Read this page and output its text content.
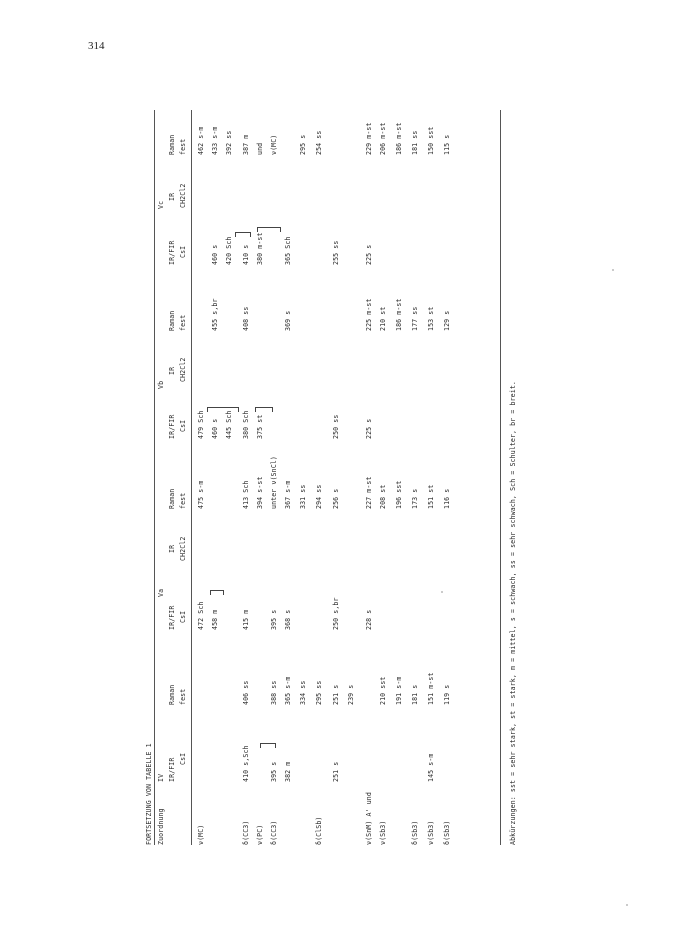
314
FORTSETZUNG VON TABELLE 1 Zuordnung
IV
Va
Vb
Vc
IR/FIR
Raman
IR/FIR
IR
Raman
IR/FIR
IR
Raman
IR/FIR
IR
Raman
CsI
fest
CsI
CH2Cl2
fest
CsI
CH2Cl2
fest
CsI
CH2Cl2
fest
ν(MC)
472 Sch
475 s-m
479 Sch
462 s-m
458 m
460 s
455 s,br
460 s
433 s-m
445 Sch
420 Sch
392 ss
δ(CC3)
410 s,Sch
406 ss
415 m
413 Sch
380 Sch
408 ss
410 s
387 m
ν(PC)
394 s-st
375 st
380 m-st
und
δ(CC3)
395 s
388 ss
395 s
unter ν(SnCl)
ν(MC)
382 m
365 s-m
368 s
367 s-m
369 s
365 Sch
334 ss
331 ss
295 s
δ(ClSb)
295 ss
294 ss
254 ss
251 s
251 s
250 s,br
256 s
250 ss
255 ss
239 s
ν(SnM) A' und
228 s
227 m-st
225 s
225 m-st
225 s
229 m-st
ν(Sb3)
210 sst
208 st
210 st
206 m-st
191 s-m
196 sst
186 m-st
186 m-st
δ(Sb3)
181 s
173 s
177 ss
181 ss
ν(Sb3)
145 s-m
151 m-st
151 st
153 st
150 sst
δ(Sb3)
119 s
116 s
129 s
115 s
Abkürzungen: sst = sehr stark, st = stark, m = mittel, s = schwach, ss = sehr schwach, Sch = Schulter, br = breit.
